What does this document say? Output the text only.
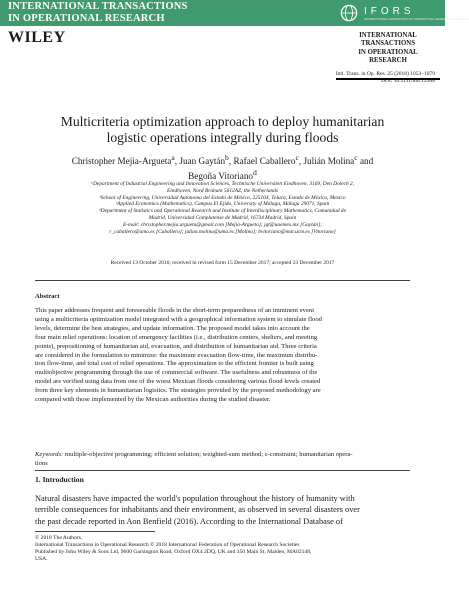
INTERNATIONAL TRANSACTIONS
IN OPERATIONAL RESEARCH
IFORS
INTERNATIONAL FEDERATION OF OPERATIONAL RESEARCH SOCIETIES
WILEY	INTERNATIONAL
TRANSACTIONS
IN OPERATIONAL
RESEARCH
Intl. Trans. in Op. Res. 25 (2018) 1053–1079
DOI: 10.1111/itor.12508
Multicriteria optimization approach to deploy humanitarian
logistic operations integrally during floods
Christopher Mejia-Argueta$^a$, Juan Gaytán$^b$, Rafael Caballero$^c$, Julián Molina$^c$ and
Begoña Vitoriano$^d$
ᵃDepartment of Industrial Engineering and Innovation Sciences, Technische Universiteit Eindhoven, 3169, Den Dolech 2,
Eindhoven, Nord Brabant 5612AZ, the Netherlands
ᵇSchool of Engineering, Universidad Autonoma del Estado de México, 225104, Toluca, Estado de México, Mexico
ᶜApplied Economics (Mathematics), Campus El Ejido, University of Málaga, Málaga 29071, Spain
ᵈDepartment of Statistics and Operational Research and Institute of Interdisciplinary Mathematics, Comunidad de
Madrid, Universidad Complutense de Madrid, 16734 Madrid, Spain
E-mail: christopher.mejia.argueta@gmail.com [Mejia-Argueta]; jgt@uaemex.mx [Gaytán];
r_caballero@uma.es [Caballero]; julian.molina@uma.es [Molina]; bvitoriano@mat.ucm.es [Vitoriano]
Received 13 October 2016; received in revised form 15 December 2017; accepted 23 December 2017
Abstract
This paper addresses frequent and foreseeable floods in the short-term preparedness of an imminent event
using a multicriteria optimization model integrated with a geographical information system to simulate flood
levels, determine the best strategies, and update information. The proposed model takes into account the
four main relief operations: location of emergency facilities (i.e., distribution centers, shelters, and meeting
points), prepositioning of humanitarian aid, evacuation, and distribution of humanitarian aid. Three criteria
are considered in the formulation to minimize: the maximum evacuation flow-time, the maximum distribu-
tion flow-time, and total cost of relief operations. The approximation to the efficient frontier is built using
multiobjective programming through the use of commercial software. The usefulness and robustness of the
model are verified using data from one of the worst Mexican floods considering various flood levels created
from three key elements in humanitarian logistics. The strategies provided by the proposed methodology are
compared with those implemented by the Mexican authorities during the studied disaster.
Keywords: multiple-objective programming; efficient solution; weighted-sum method; ε-constraint; humanitarian opera-
tions
1. Introduction
Natural disasters have impacted the world's population throughout the history of humanity with
terrible consequences for inhabitants and their environment, as observed in several disasters over
the past decade reported in Aon Benfield (2016). According to the International Database of
© 2018 The Authors.
International Transactions in Operational Research © 2018 International Federation of Operational Research Societies
Published by John Wiley & Sons Ltd, 9600 Garsington Road, Oxford OX4 2DQ, UK and 350 Main St, Malden, MA02148,
USA.
